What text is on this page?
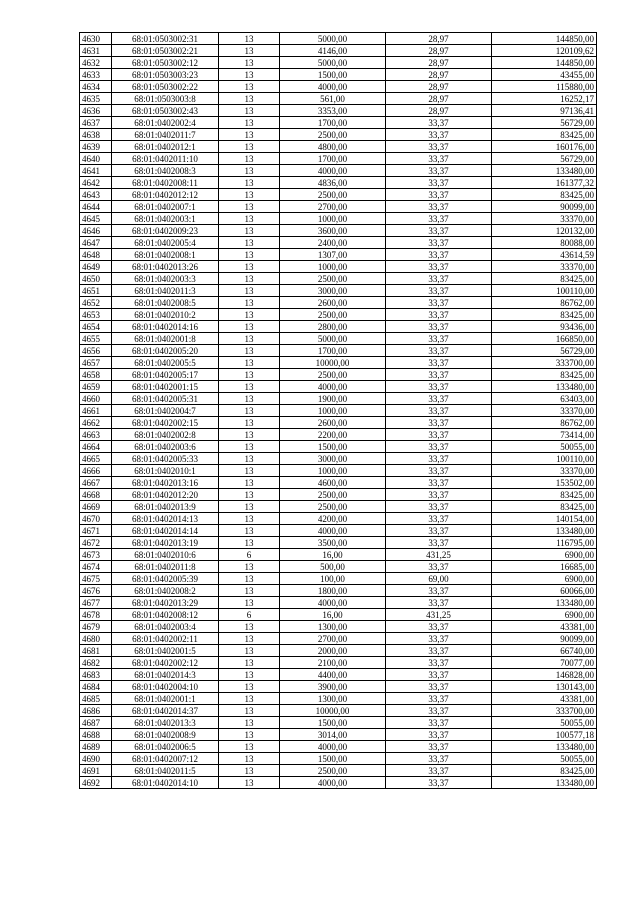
4630	68:01:0503002:31	13	5000,00	28,97	144850,00
4631	68:01:0503002:21	13	4146,00	28,97	120109,62
4632	68:01:0503002:12	13	5000,00	28,97	144850,00
4633	68:01:0503003:23	13	1500,00	28,97	43455,00
4634	68:01:0503002:22	13	4000,00	28,97	115880,00
4635	68:01:0503003:8	13	561,00	28,97	16252,17
4636	68:01:0503002:43	13	3353,00	28,97	97136,41
4637	68:01:0402002:4	13	1700,00	33,37	56729,00
4638	68:01:0402011:7	13	2500,00	33,37	83425,00
4639	68:01:0402012:1	13	4800,00	33,37	160176,00
4640	68:01:0402011:10	13	1700,00	33,37	56729,00
4641	68:01:0402008:3	13	4000,00	33,37	133480,00
4642	68:01:0402008:11	13	4836,00	33,37	161377,32
4643	68:01:0402012:12	13	2500,00	33,37	83425,00
4644	68:01:0402007:1	13	2700,00	33,37	90099,00
4645	68:01:0402003:1	13	1000,00	33,37	33370,00
4646	68:01:0402009:23	13	3600,00	33,37	120132,00
4647	68:01:0402005:4	13	2400,00	33,37	80088,00
4648	68:01:0402008:1	13	1307,00	33,37	43614,59
4649	68:01:0402013:26	13	1000,00	33,37	33370,00
4650	68:01:0402003:3	13	2500,00	33,37	83425,00
4651	68:01:0402011:3	13	3000,00	33,37	100110,00
4652	68:01:0402008:5	13	2600,00	33,37	86762,00
4653	68:01:0402010:2	13	2500,00	33,37	83425,00
4654	68:01:0402014:16	13	2800,00	33,37	93436,00
4655	68:01:0402001:8	13	5000,00	33,37	166850,00
4656	68:01:0402005:20	13	1700,00	33,37	56729,00
4657	68:01:0402005:5	13	10000,00	33,37	333700,00
4658	68:01:0402005:17	13	2500,00	33,37	83425,00
4659	68:01:0402001:15	13	4000,00	33,37	133480,00
4660	68:01:0402005:31	13	1900,00	33,37	63403,00
4661	68:01:0402004:7	13	1000,00	33,37	33370,00
4662	68:01:0402002:15	13	2600,00	33,37	86762,00
4663	68:01:0402002:8	13	2200,00	33,37	73414,00
4664	68:01:0402003:6	13	1500,00	33,37	50055,00
4665	68:01:0402005:33	13	3000,00	33,37	100110,00
4666	68:01:0402010:1	13	1000,00	33,37	33370,00
4667	68:01:0402013:16	13	4600,00	33,37	153502,00
4668	68:01:0402012:20	13	2500,00	33,37	83425,00
4669	68:01:0402013:9	13	2500,00	33,37	83425,00
4670	68:01:0402014:13	13	4200,00	33,37	140154,00
4671	68:01:0402014:14	13	4000,00	33,37	133480,00
4672	68:01:0402013:19	13	3500,00	33,37	116795,00
4673	68:01:0402010:6	6	16,00	431,25	6900,00
4674	68:01:0402011:8	13	500,00	33,37	16685,00
4675	68:01:0402005:39	13	100,00	69,00	6900,00
4676	68:01:0402008:2	13	1800,00	33,37	60066,00
4677	68:01:0402013:29	13	4000,00	33,37	133480,00
4678	68:01:0402008:12	6	16,00	431,25	6900,00
4679	68:01:0402003:4	13	1300,00	33,37	43381,00
4680	68:01:0402002:11	13	2700,00	33,37	90099,00
4681	68:01:0402001:5	13	2000,00	33,37	66740,00
4682	68:01:0402002:12	13	2100,00	33,37	70077,00
4683	68:01:0402014:3	13	4400,00	33,37	146828,00
4684	68:01:0402004:10	13	3900,00	33,37	130143,00
4685	68:01:0402001:1	13	1300,00	33,37	43381,00
4686	68:01:0402014:37	13	10000,00	33,37	333700,00
4687	68:01:0402013:3	13	1500,00	33,37	50055,00
4688	68:01:0402008:9	13	3014,00	33,37	100577,18
4689	68:01:0402006:5	13	4000,00	33,37	133480,00
4690	68:01:0402007:12	13	1500,00	33,37	50055,00
4691	68:01:0402011:5	13	2500,00	33,37	83425,00
4692	68:01:0402014:10	13	4000,00	33,37	133480,00
